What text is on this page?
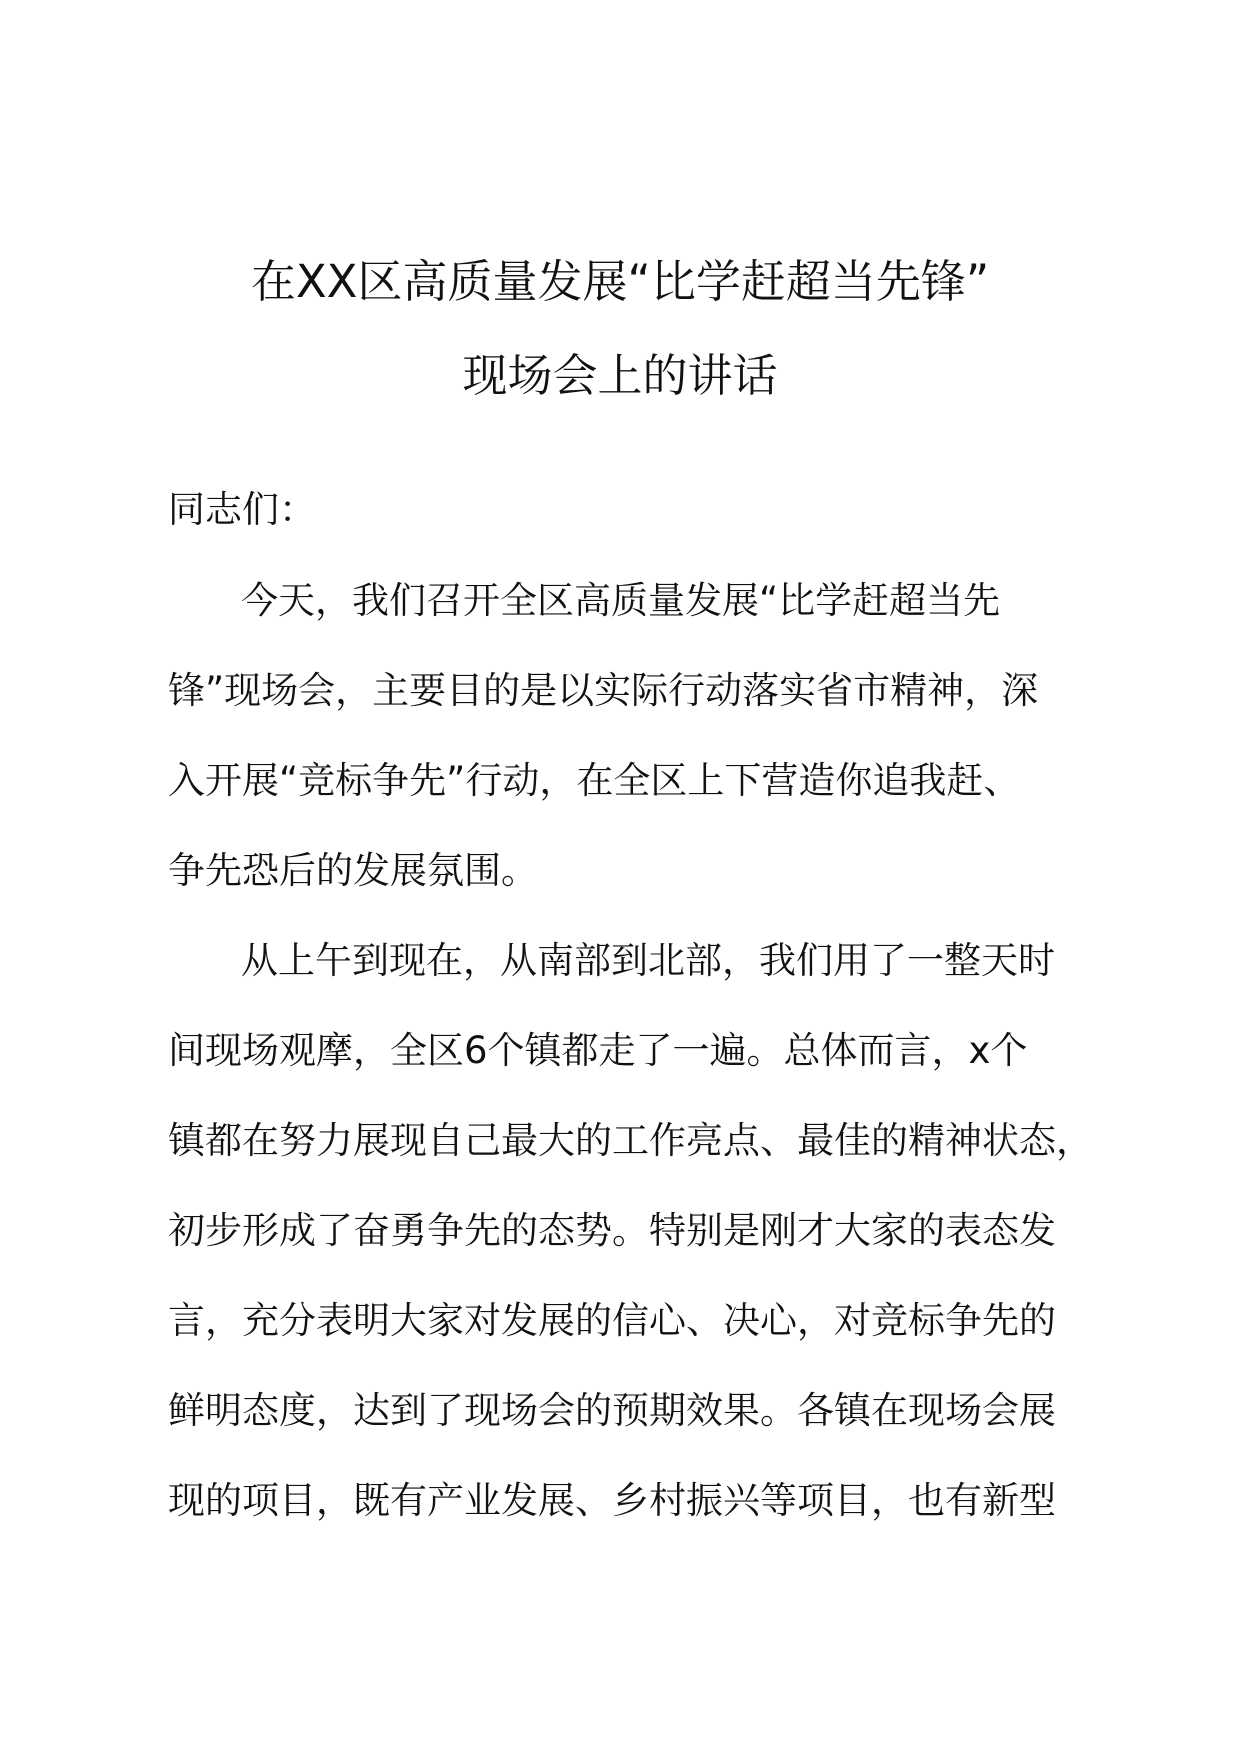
在XX区高质量发展“比学赶超当先锋”
现场会上的讲话
同志们：
今天，我们召开全区高质量发展“比学赶超当先
锋”现场会，主要目的是以实际行动落实省市精神，深
入开展“竞标争先”行动，在全区上下营造你追我赶、
争先恐后的发展氛围。
从上午到现在，从南部到北部，我们用了一整天时
间现场观摩，全区6个镇都走了一遍。总体而言，x个
镇都在努力展现自己最大的工作亮点、最佳的精神状态，
初步形成了奋勇争先的态势。特别是刚才大家的表态发
言，充分表明大家对发展的信心、决心，对竞标争先的
鲜明态度，达到了现场会的预期效果。各镇在现场会展
现的项目，既有产业发展、乡村振兴等项目，也有新型
